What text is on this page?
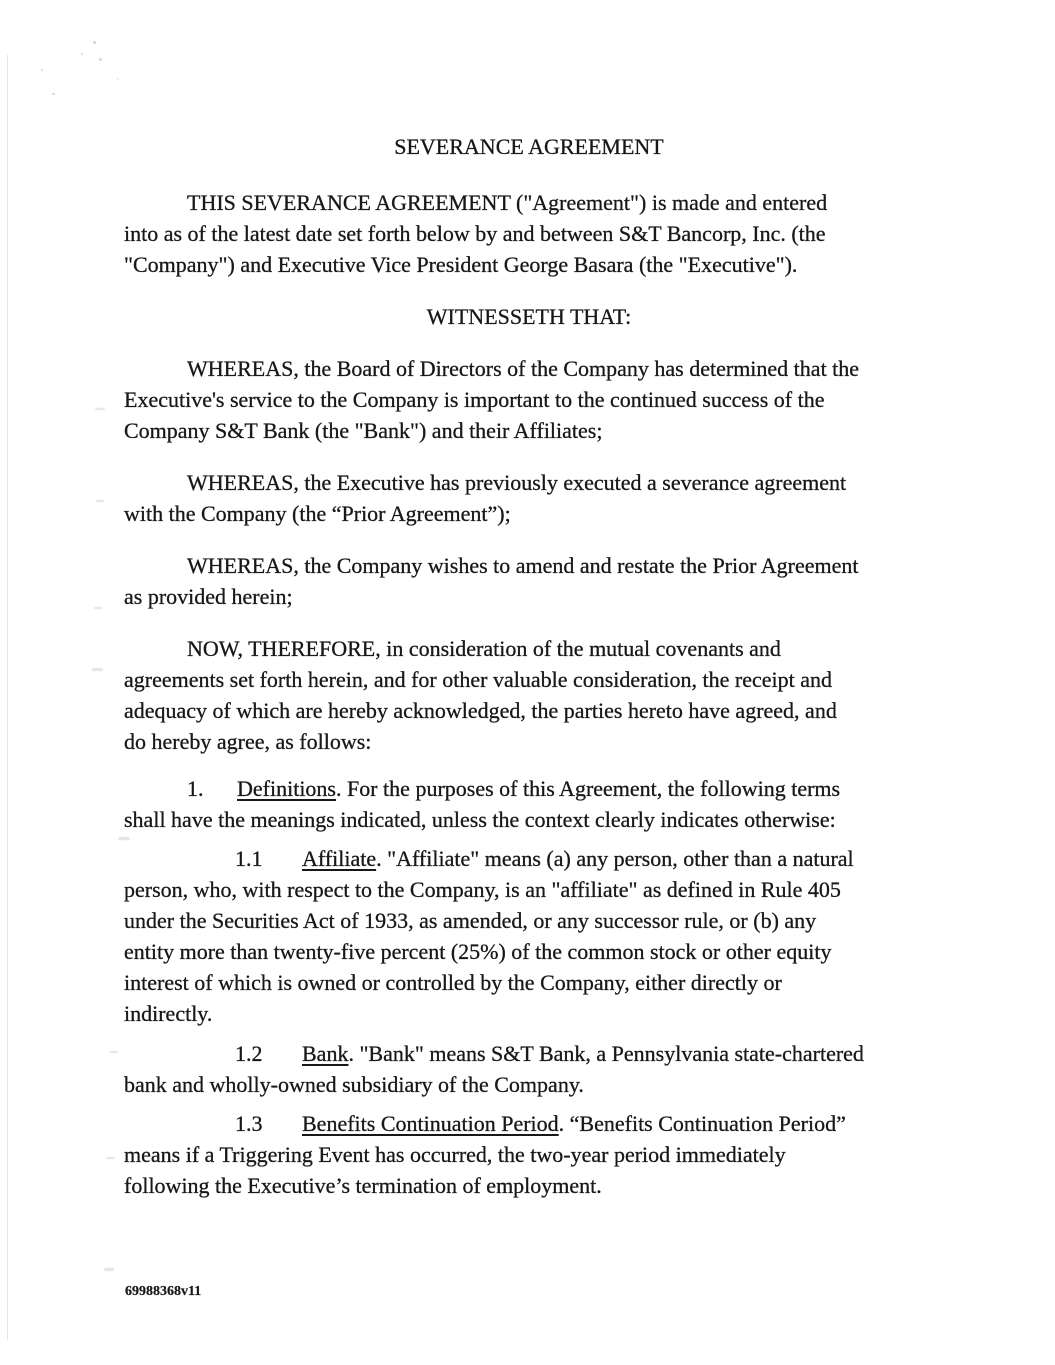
SEVERANCE AGREEMENT

THIS SEVERANCE AGREEMENT ("Agreement") is made and entered
into as of the latest date set forth below by and between S&T Bancorp, Inc. (the
"Company") and Executive Vice President George Basara (the "Executive").

WITNESSETH THAT:

WHEREAS, the Board of Directors of the Company has determined that the
Executive's service to the Company is important to the continued success of the
Company S&T Bank (the "Bank") and their Affiliates;

WHEREAS, the Executive has previously executed a severance agreement
with the Company (the “Prior Agreement”);

WHEREAS, the Company wishes to amend and restate the Prior Agreement
as provided herein;

NOW, THEREFORE, in consideration of the mutual covenants and
agreements set forth herein, and for other valuable consideration, the receipt and
adequacy of which are hereby acknowledged, the parties hereto have agreed, and
do hereby agree, as follows:

1. Definitions. For the purposes of this Agreement, the following terms
shall have the meanings indicated, unless the context clearly indicates otherwise:

1.1 Affiliate. "Affiliate" means (a) any person, other than a natural
person, who, with respect to the Company, is an "affiliate" as defined in Rule 405
under the Securities Act of 1933, as amended, or any successor rule, or (b) any
entity more than twenty-five percent (25%) of the common stock or other equity
interest of which is owned or controlled by the Company, either directly or
indirectly.

1.2 Bank. "Bank" means S&T Bank, a Pennsylvania state-chartered
bank and wholly-owned subsidiary of the Company.

1.3 Benefits Continuation Period. “Benefits Continuation Period”
means if a Triggering Event has occurred, the two-year period immediately
following the Executive’s termination of employment.

69988368v11
